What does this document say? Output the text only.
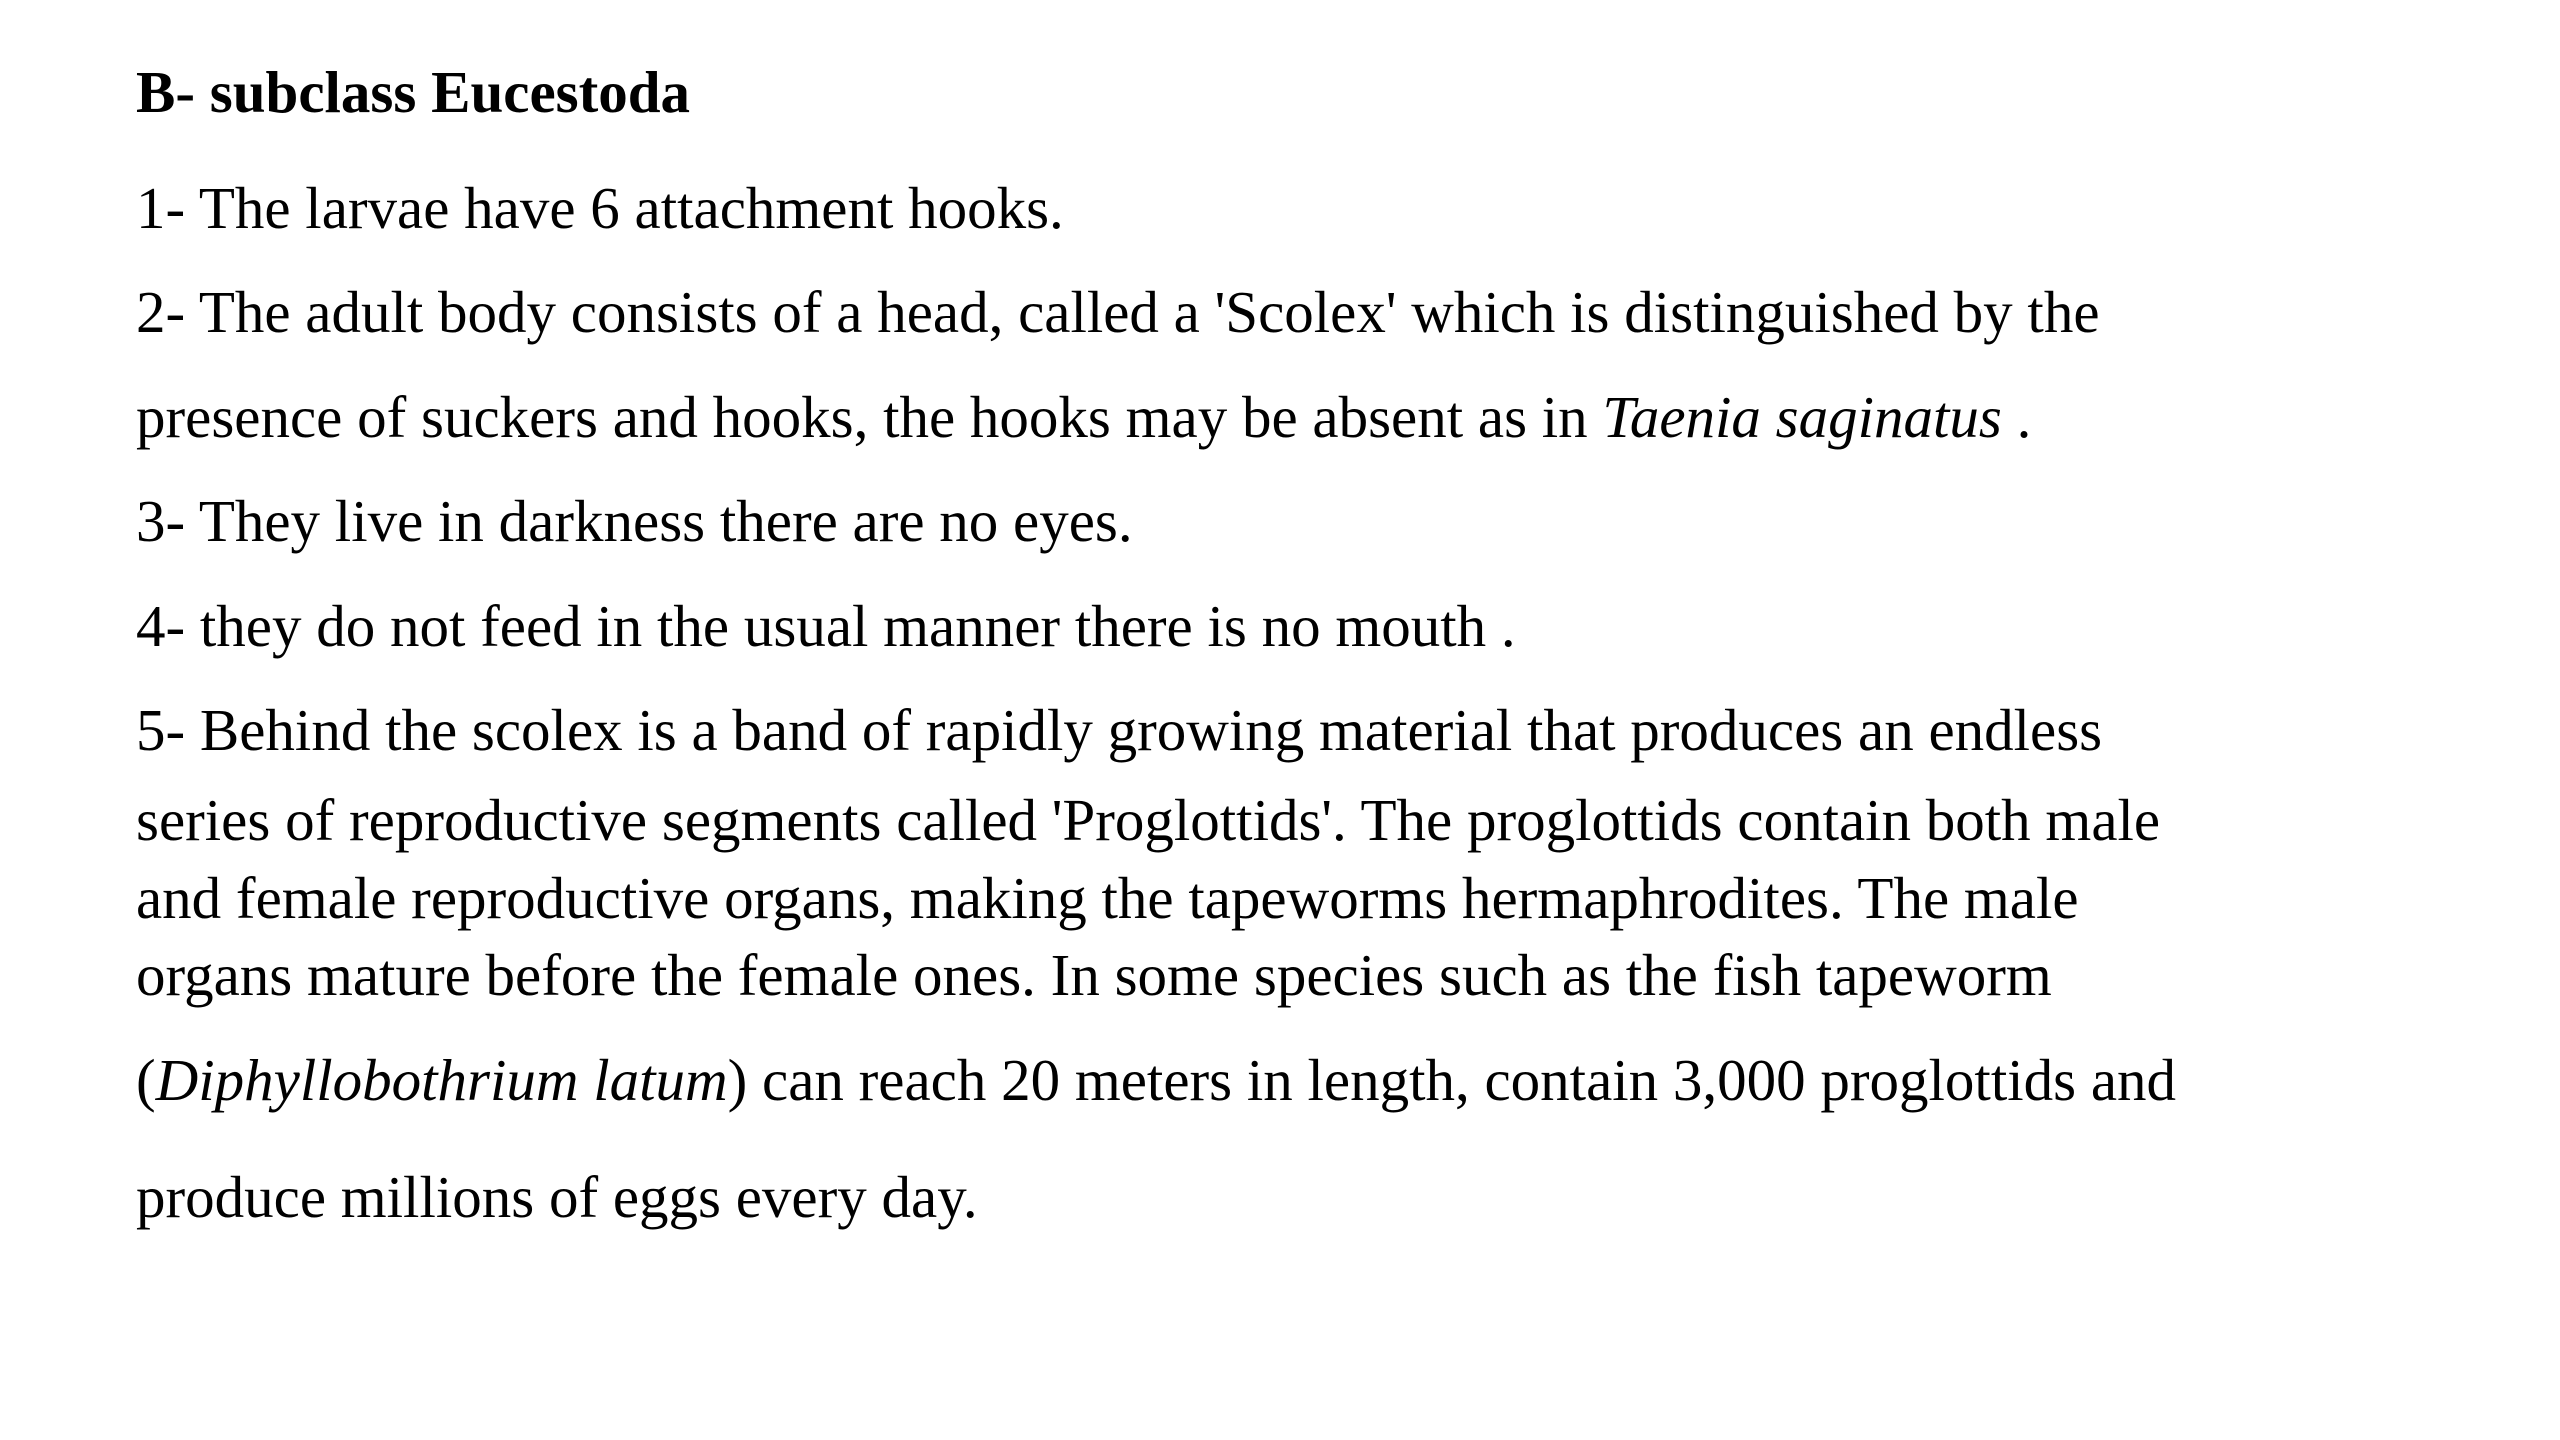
B- subclass Eucestoda
1- The larvae have 6 attachment hooks.
2- The adult body consists of a head, called a 'Scolex' which is distinguished by the
presence of suckers and hooks, the hooks may be absent as in Taenia saginatus .
3- They live in darkness there are no eyes.
4- they do not feed in the usual manner there is no mouth .
5- Behind the scolex is a band of rapidly growing material that produces an endless
series of reproductive segments called 'Proglottids'. The proglottids contain both male
and female reproductive organs, making the tapeworms hermaphrodites. The male
organs mature before the female ones. In some species such as the fish tapeworm
(Diphyllobothrium latum) can reach 20 meters in length, contain 3,000 proglottids and
produce millions of eggs every day.
